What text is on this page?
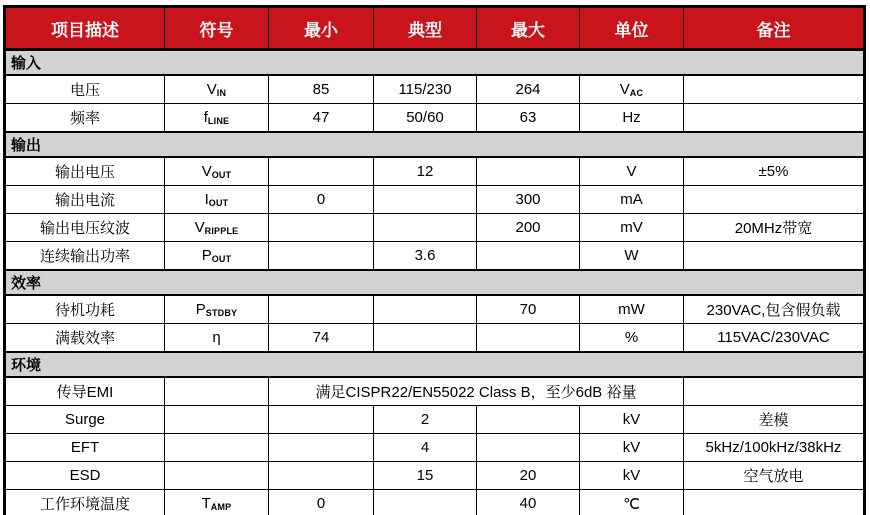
项目描述	符号	最小	典型	最大	单位	备注
输入						
电压	$V_{IN}$	85	115/230	264	$V_{AC}$	
频率	$f_{LINE}$	47	50/60	63	Hz	
输出						
输出电压	$V_{OUT}$		12		V	±5%
输出电流	$I_{OUT}$	0		300	mA	
输出电压纹波	$V_{RIPPLE}$			200	mV	20MHz带宽
连续输出功率	$P_{OUT}$		3.6		W	
效率						
待机功耗	$P_{STDBY}$			70	mW	230VAC,包含假负载
满载效率	η	74			%	115VAC/230VAC
环境						
传导EMI		满足CISPR22/EN55022 Class B，至少6dB 裕量				
Surge			2		kV	差模
EFT			4		kV	5kHz/100kHz/38kHz
ESD			15	20	kV	空气放电
工作环境温度	$T_{AMP}$	0		40	℃	
